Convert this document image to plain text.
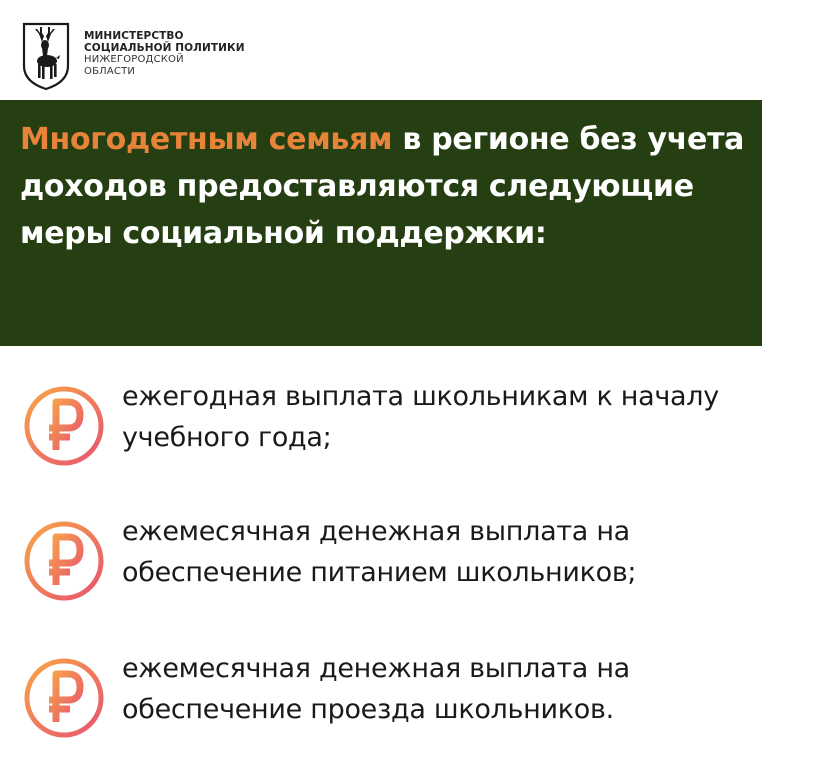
МИНИСТЕРСТВО
СОЦИАЛЬНОЙ ПОЛИТИКИ
НИЖЕГОРОДСКОЙ
ОБЛАСТИ

Многодетным семьям в регионе без учета доходов предоставляются следующие меры социальной поддержки:

ежегодная выплата школьникам к началу учебного года;
ежемесячная денежная выплата на обеспечение питанием школьников;
ежемесячная денежная выплата на обеспечение проезда школьников.
